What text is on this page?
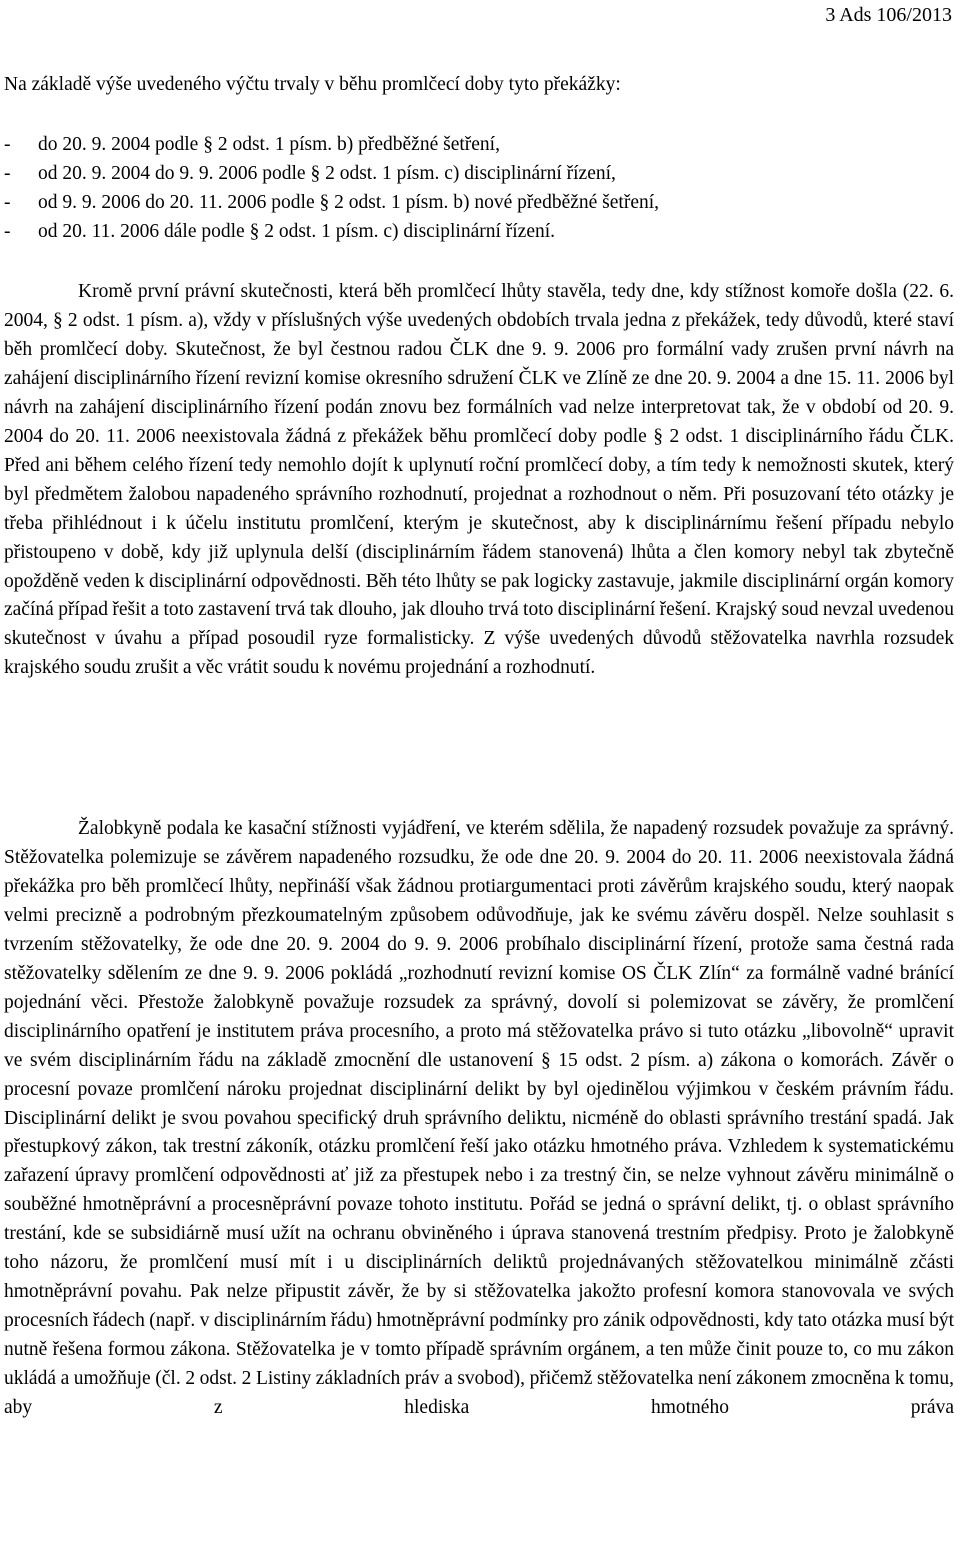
3 Ads 106/2013
Na základě výše uvedeného výčtu trvaly v běhu promlčecí doby tyto překážky:
-	do 20. 9. 2004 podle § 2 odst. 1 písm. b) předběžné šetření,
-	od 20. 9. 2004 do 9. 9. 2006 podle § 2 odst. 1 písm. c) disciplinární řízení,
-	od 9. 9. 2006 do 20. 11. 2006 podle § 2 odst. 1 písm. b) nové předběžné šetření,
-	od 20. 11. 2006 dále podle § 2 odst. 1 písm. c) disciplinární řízení.

Kromě první právní skutečnosti, která běh promlčecí lhůty stavěla, tedy dne, kdy stížnost komoře došla (22. 6. 2004, § 2 odst. 1 písm. a), vždy v příslušných výše uvedených obdobích trvala jedna z překážek, tedy důvodů, které staví běh promlčecí doby. Skutečnost, že byl čestnou radou ČLK dne 9. 9. 2006 pro formální vady zrušen první návrh na zahájení disciplinárního řízení revizní komise okresního sdružení ČLK ve Zlíně ze dne 20. 9. 2004 a dne 15. 11. 2006 byl návrh na zahájení disciplinárního řízení podán znovu bez formálních vad nelze interpretovat tak, že v období od 20. 9. 2004 do 20. 11. 2006 neexistovala žádná z překážek běhu promlčecí doby podle § 2 odst. 1 disciplinárního řádu ČLK. Před ani během celého řízení tedy nemohlo dojít k uplynutí roční promlčecí doby, a tím tedy k nemožnosti skutek, který byl předmětem žalobou napadeného správního rozhodnutí, projednat a rozhodnout o něm. Při posuzovaní této otázky je třeba přihlédnout i k účelu institutu promlčení, kterým je skutečnost, aby k disciplinárnímu řešení případu nebylo přistoupeno v době, kdy již uplynula delší (disciplinárním řádem stanovená) lhůta a člen komory nebyl tak zbytečně opožděně veden k disciplinární odpovědnosti. Běh této lhůty se pak logicky zastavuje, jakmile disciplinární orgán komory začíná případ řešit a toto zastavení trvá tak dlouho, jak dlouho trvá toto disciplinární řešení. Krajský soud nevzal uvedenou skutečnost v úvahu a případ posoudil ryze formalisticky. Z výše uvedených důvodů stěžovatelka navrhla rozsudek krajského soudu zrušit a věc vrátit soudu k novému projednání a rozhodnutí.

Žalobkyně podala ke kasační stížnosti vyjádření, ve kterém sdělila, že napadený rozsudek považuje za správný. Stěžovatelka polemizuje se závěrem napadeného rozsudku, že ode dne 20. 9. 2004 do 20. 11. 2006 neexistovala žádná překážka pro běh promlčecí lhůty, nepřináší však žádnou protiargumentaci proti závěrům krajského soudu, který naopak velmi precizně a podrobným přezkoumatelným způsobem odůvodňuje, jak ke svému závěru dospěl. Nelze souhlasit s tvrzením stěžovatelky, že ode dne 20. 9. 2004 do 9. 9. 2006 probíhalo disciplinární řízení, protože sama čestná rada stěžovatelky sdělením ze dne 9. 9. 2006 pokládá „rozhodnutí revizní komise OS ČLK Zlín“ za formálně vadné bránící pojednání věci. Přestože žalobkyně považuje rozsudek za správný, dovolí si polemizovat se závěry, že promlčení disciplinárního opatření je institutem práva procesního, a proto má stěžovatelka právo si tuto otázku „libovolně“ upravit ve svém disciplinárním řádu na základě zmocnění dle ustanovení § 15 odst. 2 písm. a) zákona o komorách. Závěr o procesní povaze promlčení nároku projednat disciplinární delikt by byl ojedinělou výjimkou v českém právním řádu. Disciplinární delikt je svou povahou specifický druh správního deliktu, nicméně do oblasti správního trestání spadá. Jak přestupkový zákon, tak trestní zákoník, otázku promlčení řeší jako otázku hmotného práva. Vzhledem k systematickému zařazení úpravy promlčení odpovědnosti ať již za přestupek nebo i za trestný čin, se nelze vyhnout závěru minimálně o souběžné hmotněprávní a procesněprávní povaze tohoto institutu. Pořád se jedná o správní delikt, tj. o oblast správního trestání, kde se subsidiárně musí užít na ochranu obviněného i úprava stanovená trestním předpisy. Proto je žalobkyně toho názoru, že promlčení musí mít i u disciplinárních deliktů projednávaných stěžovatelkou minimálně zčásti hmotněprávní povahu. Pak nelze připustit závěr, že by si stěžovatelka jakožto profesní komora stanovovala ve svých procesních řádech (např. v disciplinárním řádu) hmotněprávní podmínky pro zánik odpovědnosti, kdy tato otázka musí být nutně řešena formou zákona. Stěžovatelka je v tomto případě správním orgánem, a ten může činit pouze to, co mu zákon ukládá a umožňuje (čl. 2 odst. 2 Listiny základních práv a svobod), přičemž stěžovatelka není zákonem zmocněna k tomu, aby z hlediska hmotného práva
